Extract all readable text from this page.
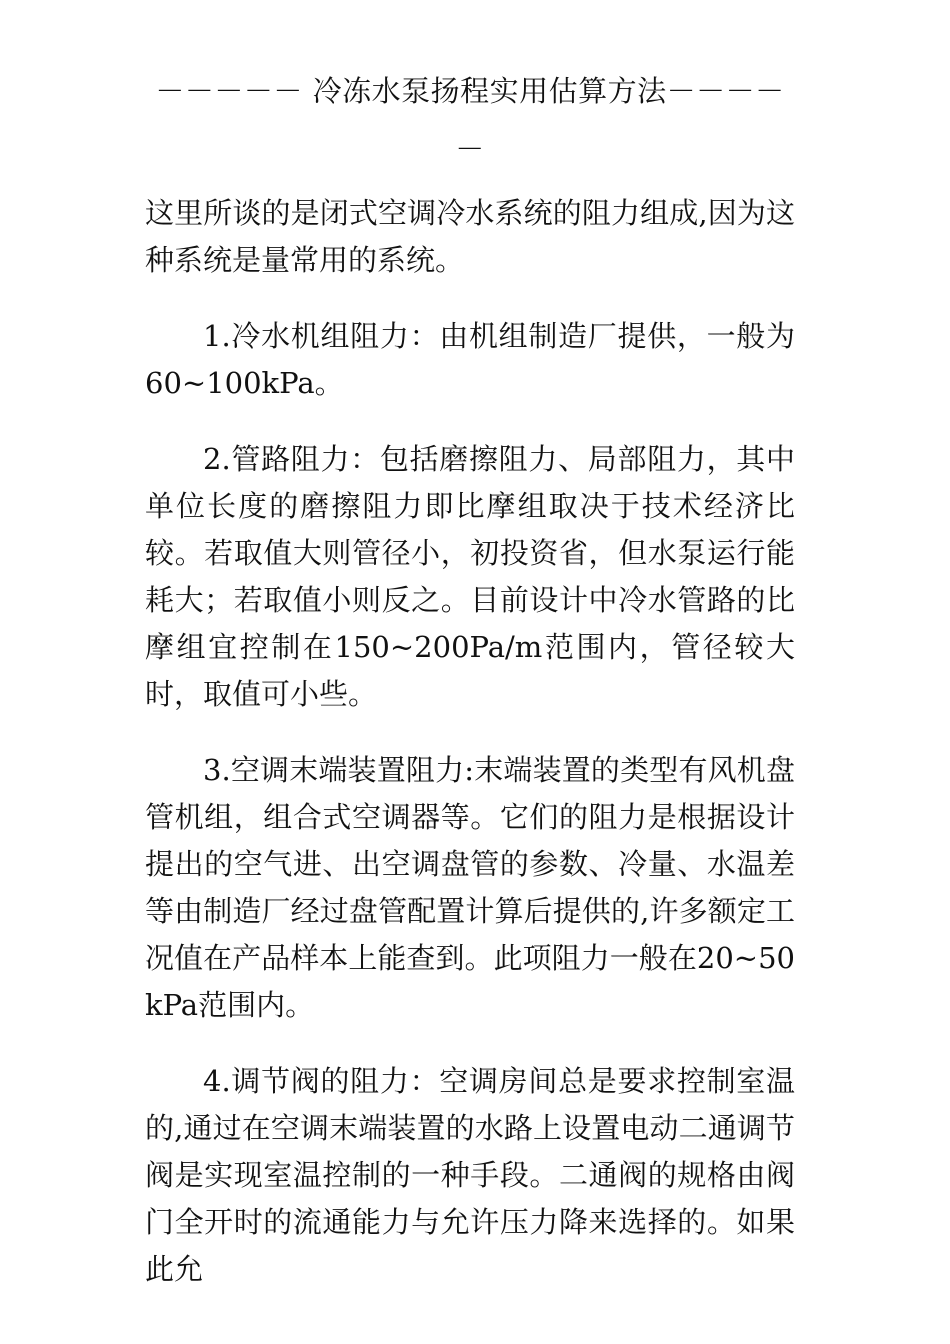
－－－－－ 冷冻水泵扬程实用估算方法－－－－－

这里所谈的是闭式空调冷水系统的阻力组成,因为这种系统是量常用的系统。

1.冷水机组阻力：由机组制造厂提供，一般为60~100kPa。

2.管路阻力：包括磨擦阻力、局部阻力，其中单位长度的磨擦阻力即比摩组取决于技术经济比较。若取值大则管径小，初投资省，但水泵运行能耗大；若取值小则反之。目前设计中冷水管路的比摩组宜控制在150~200Pa/m范围内，管径较大时，取值可小些。

3.空调末端装置阻力:末端装置的类型有风机盘管机组，组合式空调器等。它们的阻力是根据设计提出的空气进、出空调盘管的参数、冷量、水温差等由制造厂经过盘管配置计算后提供的,许多额定工况值在产品样本上能查到。此项阻力一般在20~50kPa范围内。

4.调节阀的阻力：空调房间总是要求控制室温的,通过在空调末端装置的水路上设置电动二通调节阀是实现室温控制的一种手段。二通阀的规格由阀门全开时的流通能力与允许压力降来选择的。如果此允
